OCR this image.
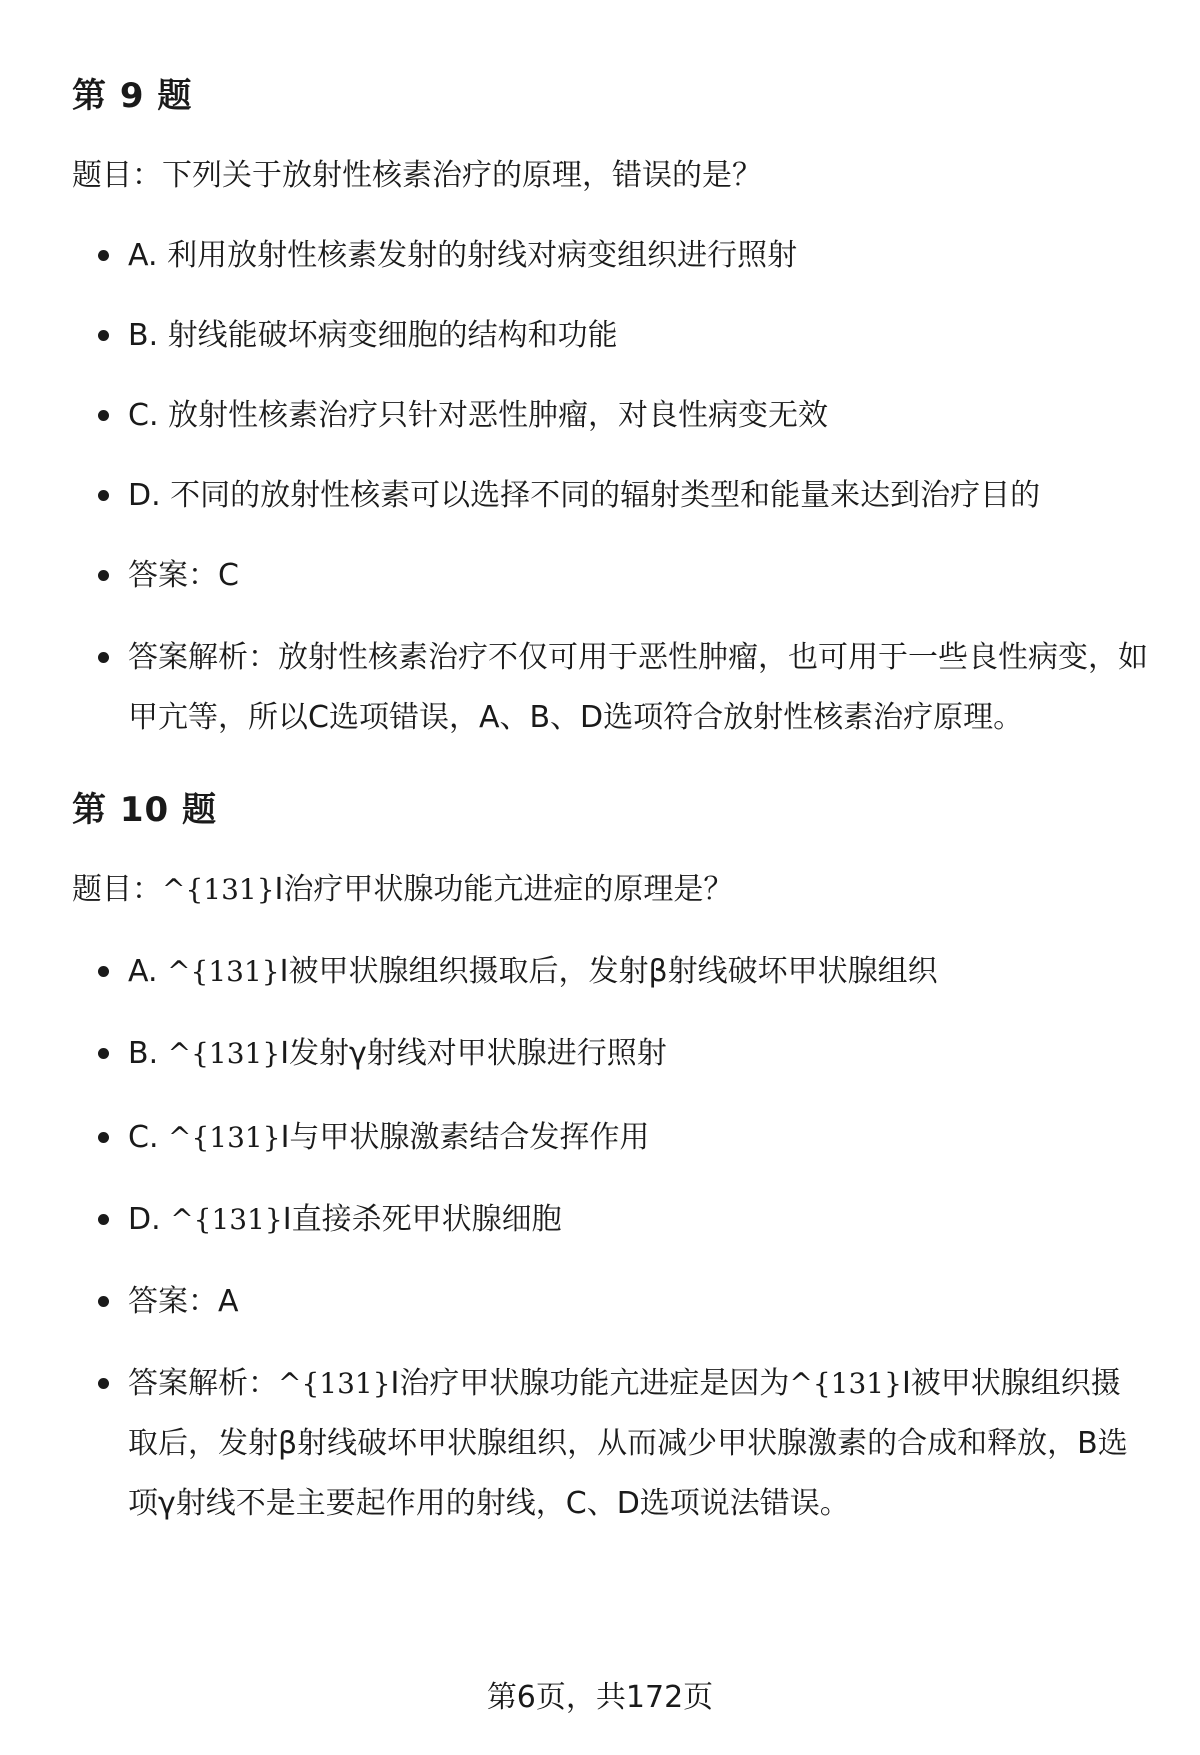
第 9 题

题目：下列关于放射性核素治疗的原理，错误的是？

A. 利用放射性核素发射的射线对病变组织进行照射
B. 射线能破坏病变细胞的结构和功能
C. 放射性核素治疗只针对恶性肿瘤，对良性病变无效
D. 不同的放射性核素可以选择不同的辐射类型和能量来达到治疗目的
答案：C
答案解析：放射性核素治疗不仅可用于恶性肿瘤，也可用于一些良性病变，如甲亢等，所以C选项错误，A、B、D选项符合放射性核素治疗原理。
第 10 题

题目：^{131}I治疗甲状腺功能亢进症的原理是？

A. ^{131}I被甲状腺组织摄取后，发射β射线破坏甲状腺组织
B. ^{131}I发射γ射线对甲状腺进行照射
C. ^{131}I与甲状腺激素结合发挥作用
D. ^{131}I直接杀死甲状腺细胞
答案：A
答案解析：^{131}I治疗甲状腺功能亢进症是因为^{131}I被甲状腺组织摄取后，发射β射线破坏甲状腺组织，从而减少甲状腺激素的合成和释放，B选项γ射线不是主要起作用的射线，C、D选项说法错误。
第6页，共172页
